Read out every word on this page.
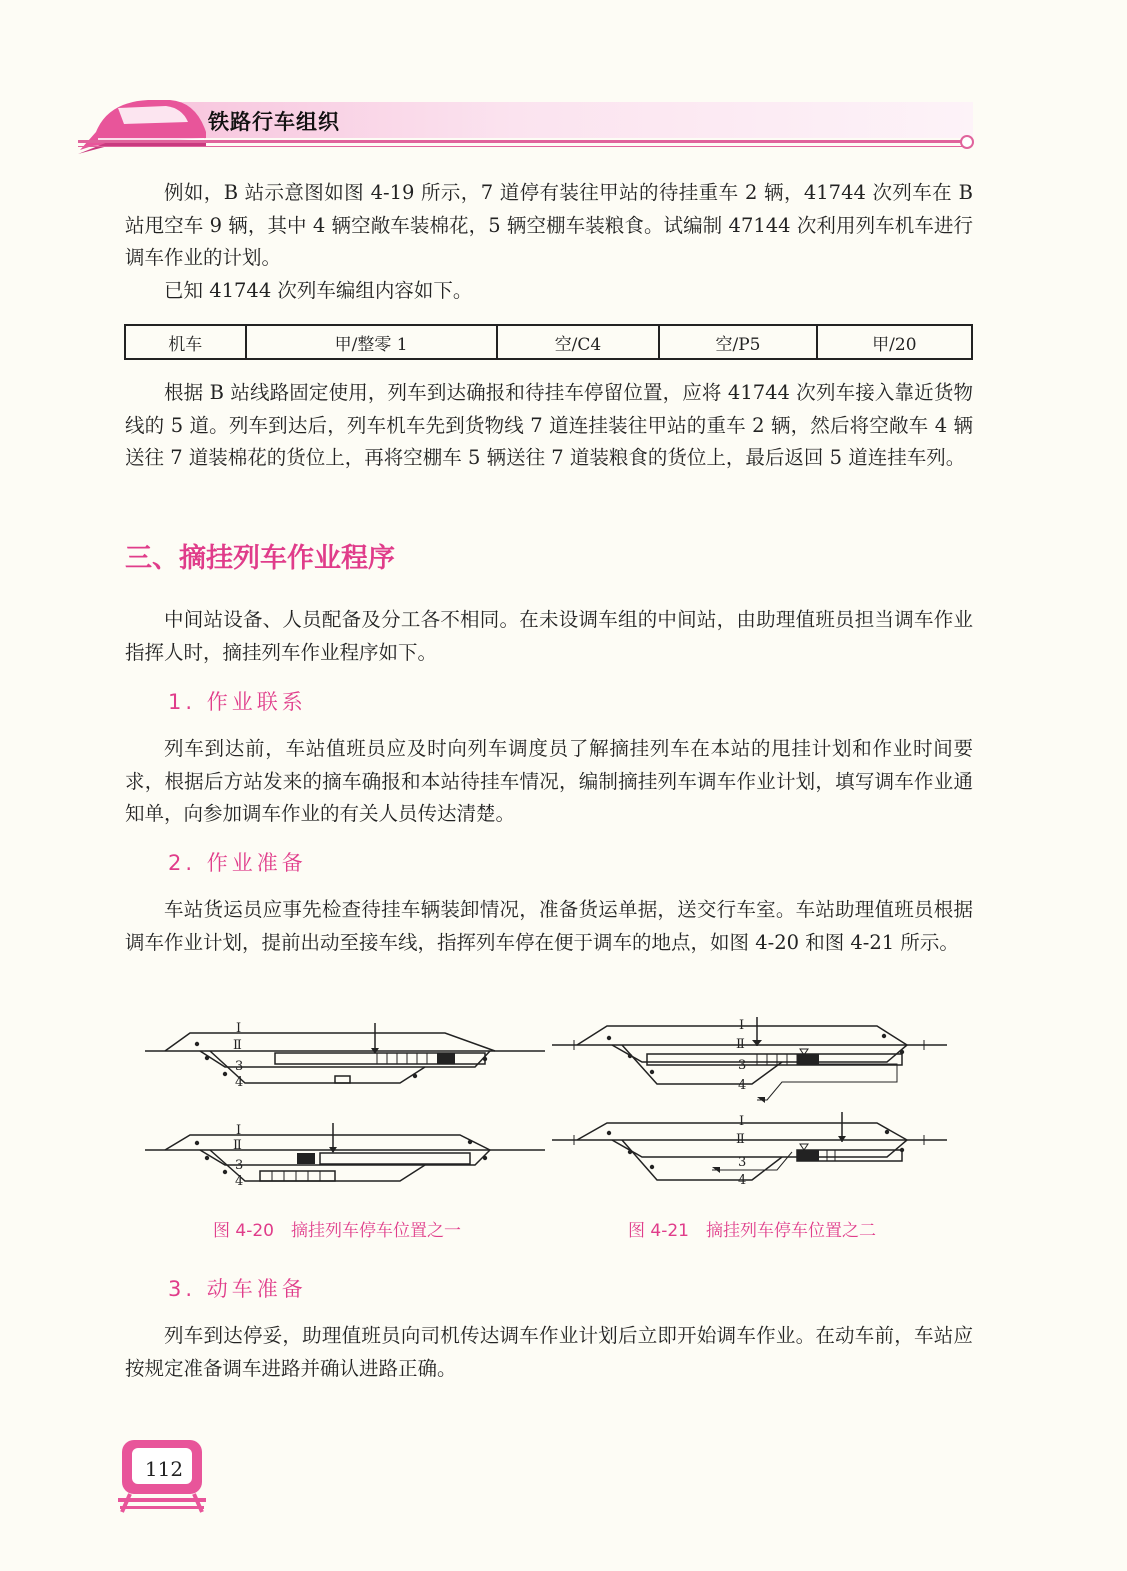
铁路行车组织

例如，B 站示意图如图 4-19 所示，7 道停有装往甲站的待挂重车 2 辆，41744 次列车在 B 站甩空车 9 辆，其中 4 辆空敞车装棉花，5 辆空棚车装粮食。试编制 47144 次利用列车机车进行调车作业的计划。

已知 41744 次列车编组内容如下。

机车	甲/整零 1	空/C4	空/P5	甲/20

根据 B 站线路固定使用，列车到达确报和待挂车停留位置，应将 41744 次列车接入靠近货物线的 5 道。列车到达后，列车机车先到货物线 7 道连挂装往甲站的重车 2 辆，然后将空敞车 4 辆送往 7 道装棉花的货位上，再将空棚车 5 辆送往 7 道装粮食的货位上，最后返回 5 道连挂车列。

三、摘挂列车作业程序

中间站设备、人员配备及分工各不相同。在未设调车组的中间站，由助理值班员担当调车作业指挥人时，摘挂列车作业程序如下。

1. 作业联系

列车到达前，车站值班员应及时向列车调度员了解摘挂列车在本站的甩挂计划和作业时间要求，根据后方站发来的摘车确报和本站待挂车情况，编制摘挂列车调车作业计划，填写调车作业通知单，向参加调车作业的有关人员传达清楚。

2. 作业准备

车站货运员应事先检查待挂车辆装卸情况，准备货运单据，送交行车室。车站助理值班员根据调车作业计划，提前出动至接车线，指挥列车停在便于调车的地点，如图 4-20 和图 4-21 所示。

Ⅰ
Ⅱ
3
4
Ⅰ
Ⅱ
3
4
Ⅰ
Ⅱ
3
4
Ⅰ
Ⅱ
3
4

图 4-20　摘挂列车停车位置之一	图 4-21　摘挂列车停车位置之二

3. 动车准备

列车到达停妥，助理值班员向司机传达调车作业计划后立即开始调车作业。在动车前，车站应按规定准备调车进路并确认进路正确。

112
